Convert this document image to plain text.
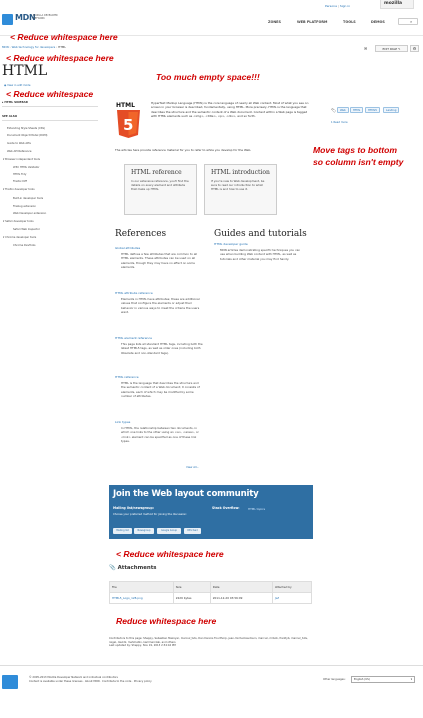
MDN
MOZILLA DEVELOPER NETWORK
Persona | Sign in	mozilla
ZONES	WEB PLATFORM	TOOLS	DEMOS	⌕
< Reduce whitespace here
MDN › Web technology for developers › HTML	✉	EDIT PAGE ✎	⚙
< Reduce whitespace here
HTML
◉ View in edit mode
Too much empty space!!!
< Reduce whitespace
▸ HTML SIDEBAR
SEE ALSO
Extending Style Sheets (CSS)
Document Object Model (DOM)
Guide to Web APIs
Web API Reference
▾ Browser independent tools
W3C HTML Validator
HTML Tidy
Firefox Diff
▾ Firefox developer tools
Built-in developer tools
Firebug extension
Web Developer extension
▾ Safari developer tools
Safari Web Inspector
▾ Chrome developer tools
Chrome DevTools
HTML
5
HyperText Markup Language (HTML) is the core language of nearly all Web content. Most of what you see on screen in your browser is described, fundamentally, using HTML. More precisely, HTML is the language that describes the structure and the semantic content of a Web document. Content within a Web page is tagged with HTML elements such as <img>, <title>, <p>, <div>, and so forth.
🏷	Web	HTML	HTML5	Landing
1 Read more
Move tags to bottom
so column isn't empty
The articles here provide reference material for you to refer to while you develop for the Web.
HTML reference

In our extensive reference, you'll find the details on every element and attribute that make up HTML.

HTML introduction

If you're new to Web development, be sure to read our introduction to what HTML is and how to use it.

References
Global attributes
HTML defines a few attributes that are common to all HTML elements. These attributes can be used on all elements, though they may have no effect on some elements.
HTML attribute reference
Elements in HTML have attributes; these are additional values that configure the elements or adjust their behavior in various ways to meet the criteria the users want.
HTML element reference
This page lists all standard HTML tags, including both the latest HTML5 tags, as well as older ones (including both Obsolete and non-standard tags).
HTML reference
HTML is the language that describes the structure and the semantic content of a Web document; it consists of elements, each of which may be modified by some number of attributes.
Link types
In HTML, the relationship between two documents, in which one links to the other using an <a>, <area>, or <link> element can be specified as one of these link types.
View All...
Guides and tutorials
HTML developer guide
MDN articles demonstrating specific techniques you can use when building Web content with HTML, as well as tutorials and other material you may find handy.
Join the Web layout community
Mailing list/newsgroup:
Choose your preferred method for joining the discussion:
Mailing list	Newsgroup	Google Group	RSS feed
Stack Overflow:	HTML topics
< Reduce whitespace here
📎 Attachments
File	Size	Date	Attached by
HTML5_Logo_128.png	2229 bytes	2011-12-20 03:56:09	jwf
Reduce whitespace here
Contributors to this page: Sheppy, Sebastien Mazoyer, marcuz_tuts, Dan Dennis Fourthorp, jean-michel.baudouin, marcuz, mrbob, freddyb, marcuz_tuts, rsigel, davidz, mehmetzn, kammarczak, and others
Last updated by: Sheppy, Nov 19, 2013 2:34:42 PM
© 2005-2013 Mozilla Developer Network and individual contributors
Content is available under these licenses · About MDN · Contribute to the code · Privacy policy
Other languages:	English (US)	▾
